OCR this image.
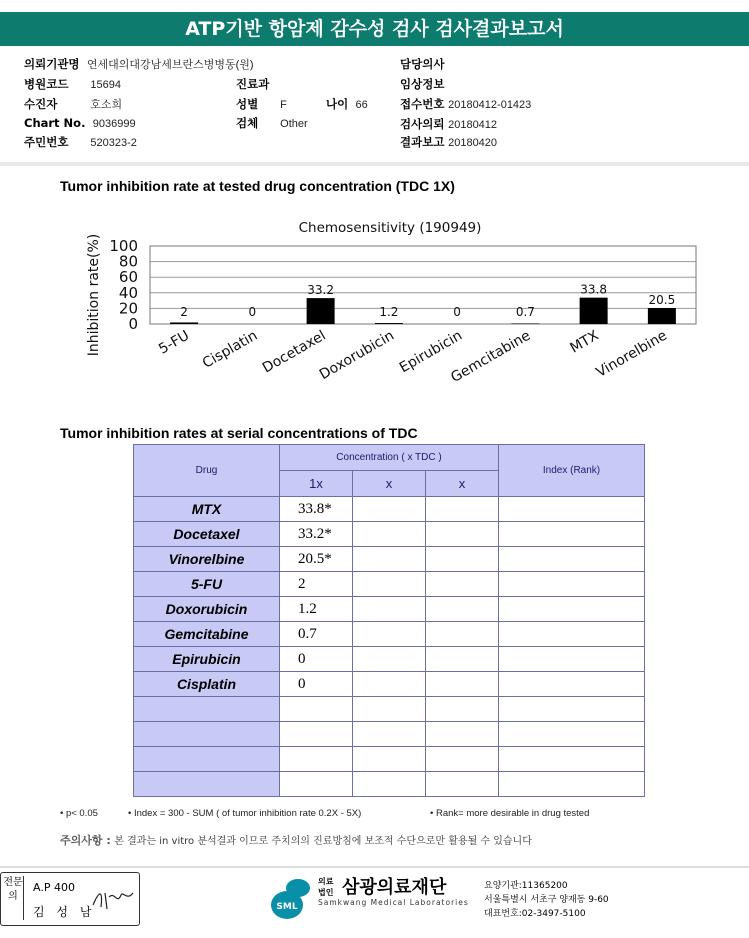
ATP기반 항암제 감수성 검사 검사결과보고서
의뢰기관명 연세대의대강남세브란스병병동(원)
병원코드 15694
수진자	호소희
Chart No. 9036999
주민번호 520323-2
진료과
성별 F	나이 66
검체 Other
담당의사
임상정보
접수번호 20180412-01423
검사의뢰 20180412
결과보고 20180420
Tumor inhibition rate at tested drug concentration (TDC 1X)
Chemosensitivity (190949)
Inhibition rate(%) 0
20
40
60
80
100
2	0
33.2
1.2	0	0.7
33.8
20.5
5-FU Cisplatin Docetaxel
Doxorubicin Epirubicin
Gemcitabine MTX
Vinorelbine
Tumor inhibition rates at serial concentrations of TDC
Drug	Concentration ( x TDC )			Index (Rank)
	1x	x	x	
MTX	33.8*			
Docetaxel	33.2*			
Vinorelbine	20.5*			
5-FU	2			
Doxorubicin	1.2			
Gemcitabine	0.7			
Epirubicin	0			
Cisplatin	0			

• p< 0.05	• Index = 300 - SUM ( of tumor inhibition rate 0.2X - 5X)	• Rank= more desirable in drug tested
주의사항 : 본 결과는 in vitro 분석결과 이므로 주치의의 진료방침에 보조적 수단으로만 활용될 수 있습니다
전문의
A.P 400
김 성 남	SML
의료 법인 삼광의료재단
Samkwang Medical Laboratories
요양기관:11365200
서울특별시 서초구 양재동 9-60
대표번호:02-3497-5100
